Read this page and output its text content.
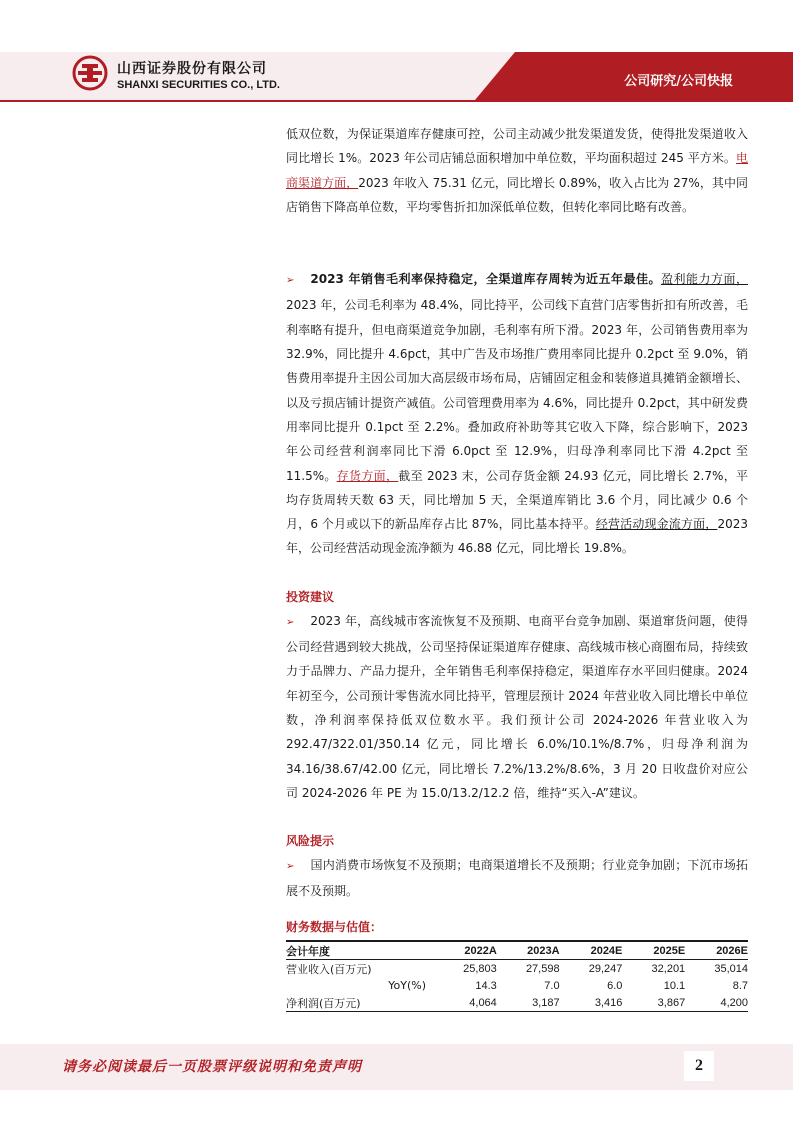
山西证券股份有限公司
SHANXI SECURITIES CO., LTD.	公司研究/公司快报

低双位数，为保证渠道库存健康可控，公司主动减少批发渠道发货，使得批发渠道收入同比增长 1%。2023 年公司店铺总面积增加中单位数，平均面积超过 245 平方米。电商渠道方面，2023 年收入 75.31 亿元，同比增长 0.89%，收入占比为 27%，其中同店销售下降高单位数，平均零售折扣加深低单位数，但转化率同比略有改善。

➢ 2023 年销售毛利率保持稳定，全渠道库存周转为近五年最佳。盈利能力方面，2023 年，公司毛利率为 48.4%，同比持平，公司线下直营门店零售折扣有所改善，毛利率略有提升，但电商渠道竞争加剧，毛利率有所下滑。2023 年，公司销售费用率为 32.9%，同比提升 4.6pct，其中广告及市场推广费用率同比提升 0.2pct 至 9.0%，销售费用率提升主因公司加大高层级市场布局，店铺固定租金和装修道具摊销金额增长、以及亏损店铺计提资产减值。公司管理费用率为 4.6%，同比提升 0.2pct，其中研发费用率同比提升 0.1pct 至 2.2%。叠加政府补助等其它收入下降，综合影响下，2023 年公司经营利润率同比下滑 6.0pct 至 12.9%，归母净利率同比下滑 4.2pct 至 11.5%。存货方面，截至 2023 末，公司存货金额 24.93 亿元，同比增长 2.7%，平均存货周转天数 63 天，同比增加 5 天，全渠道库销比 3.6 个月，同比减少 0.6 个月，6 个月或以下的新品库存占比 87%，同比基本持平。经营活动现金流方面，2023 年，公司经营活动现金流净额为 46.88 亿元，同比增长 19.8%。

投资建议

➢ 2023 年，高线城市客流恢复不及预期、电商平台竞争加剧、渠道窜货问题，使得公司经营遇到较大挑战，公司坚持保证渠道库存健康、高线城市核心商圈布局，持续致力于品牌力、产品力提升，全年销售毛利率保持稳定，渠道库存水平回归健康。2024 年初至今，公司预计零售流水同比持平，管理层预计 2024 年营业收入同比增长中单位数，净利润率保持低双位数水平。我们预计公司 2024-2026 年营业收入为 292.47/322.01/350.14 亿元，同比增长 6.0%/10.1%/8.7%，归母净利润为 34.16/38.67/42.00 亿元，同比增长 7.2%/13.2%/8.6%，3 月 20 日收盘价对应公司 2024-2026 年 PE 为 15.0/13.2/12.2 倍，维持“买入-A”建议。

风险提示

➢ 国内消费市场恢复不及预期；电商渠道增长不及预期；行业竞争加剧；下沉市场拓展不及预期。

财务数据与估值：
会计年度	2022A	2023A	2024E	2025E	2026E
营业收入(百万元)	25,803	27,598	29,247	32,201	35,014
YoY(%)	14.3	7.0	6.0	10.1	8.7
净利润(百万元)	4,064	3,187	3,416	3,867	4,200
请务必阅读最后一页股票评级说明和免责声明	2
